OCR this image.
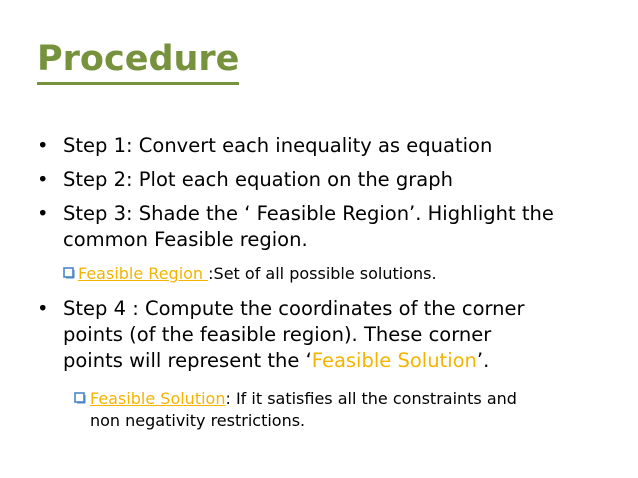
Procedure
• Step 1: Convert each inequality as equation
• Step 2: Plot each equation on the graph
• Step 3: Shade the ‘ Feasible Region’. Highlight the
common Feasible region.
Feasible Region :Set of all possible solutions.
• Step 4 : Compute the coordinates of the corner
points (of the feasible region). These corner
points will represent the ‘Feasible Solution’.
Feasible Solution: If it satisfies all the constraints and
non negativity restrictions.
